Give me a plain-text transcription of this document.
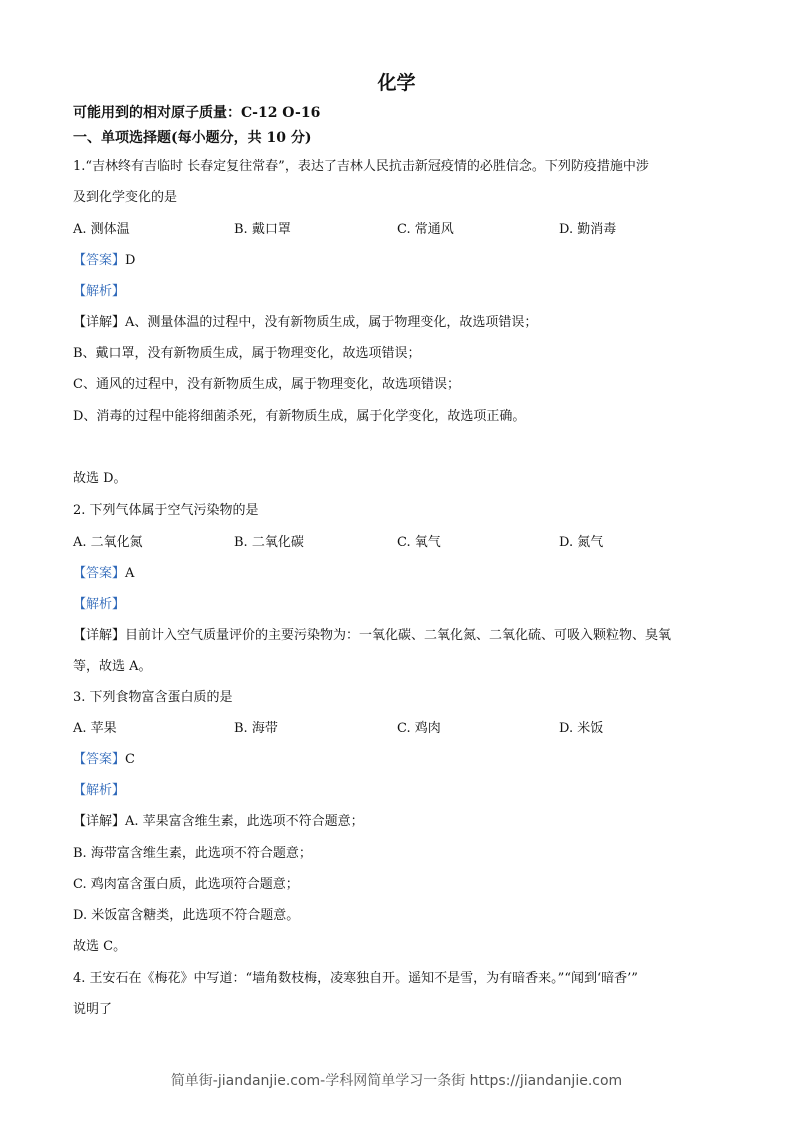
化学
可能用到的相对原子质量：C-12 O-16
一、单项选择题(每小题分，共 10 分)
1.“吉林终有吉临时 长春定复往常春”，表达了吉林人民抗击新冠疫情的必胜信念。下列防疫措施中涉
及到化学变化的是
A. 测体温	B. 戴口罩	C. 常通风	D. 勤消毒
【答案】D
【解析】
【详解】A、测量体温的过程中，没有新物质生成，属于物理变化，故选项错误；
B、戴口罩，没有新物质生成，属于物理变化，故选项错误；
C、通风的过程中，没有新物质生成，属于物理变化，故选项错误；
D、消毒的过程中能将细菌杀死，有新物质生成，属于化学变化，故选项正确。
故选 D。
2. 下列气体属于空气污染物的是
A. 二氧化氮	B. 二氧化碳	C. 氧气	D. 氮气
【答案】A
【解析】
【详解】目前计入空气质量评价的主要污染物为：一氧化碳、二氧化氮、二氧化硫、可吸入颗粒物、臭氧
等，故选 A。
3. 下列食物富含蛋白质的是
A. 苹果	B. 海带	C. 鸡肉	D. 米饭
【答案】C
【解析】
【详解】A. 苹果富含维生素，此选项不符合题意；
B. 海带富含维生素，此选项不符合题意；
C. 鸡肉富含蛋白质，此选项符合题意；
D. 米饭富含糖类，此选项不符合题意。
故选 C。
4. 王安石在《梅花》中写道：“墙角数枝梅，凌寒独自开。遥知不是雪，为有暗香来。”“闻到‘暗香’”
说明了
简单街-jiandanjie.com-学科网简单学习一条街 https://jiandanjie.com
